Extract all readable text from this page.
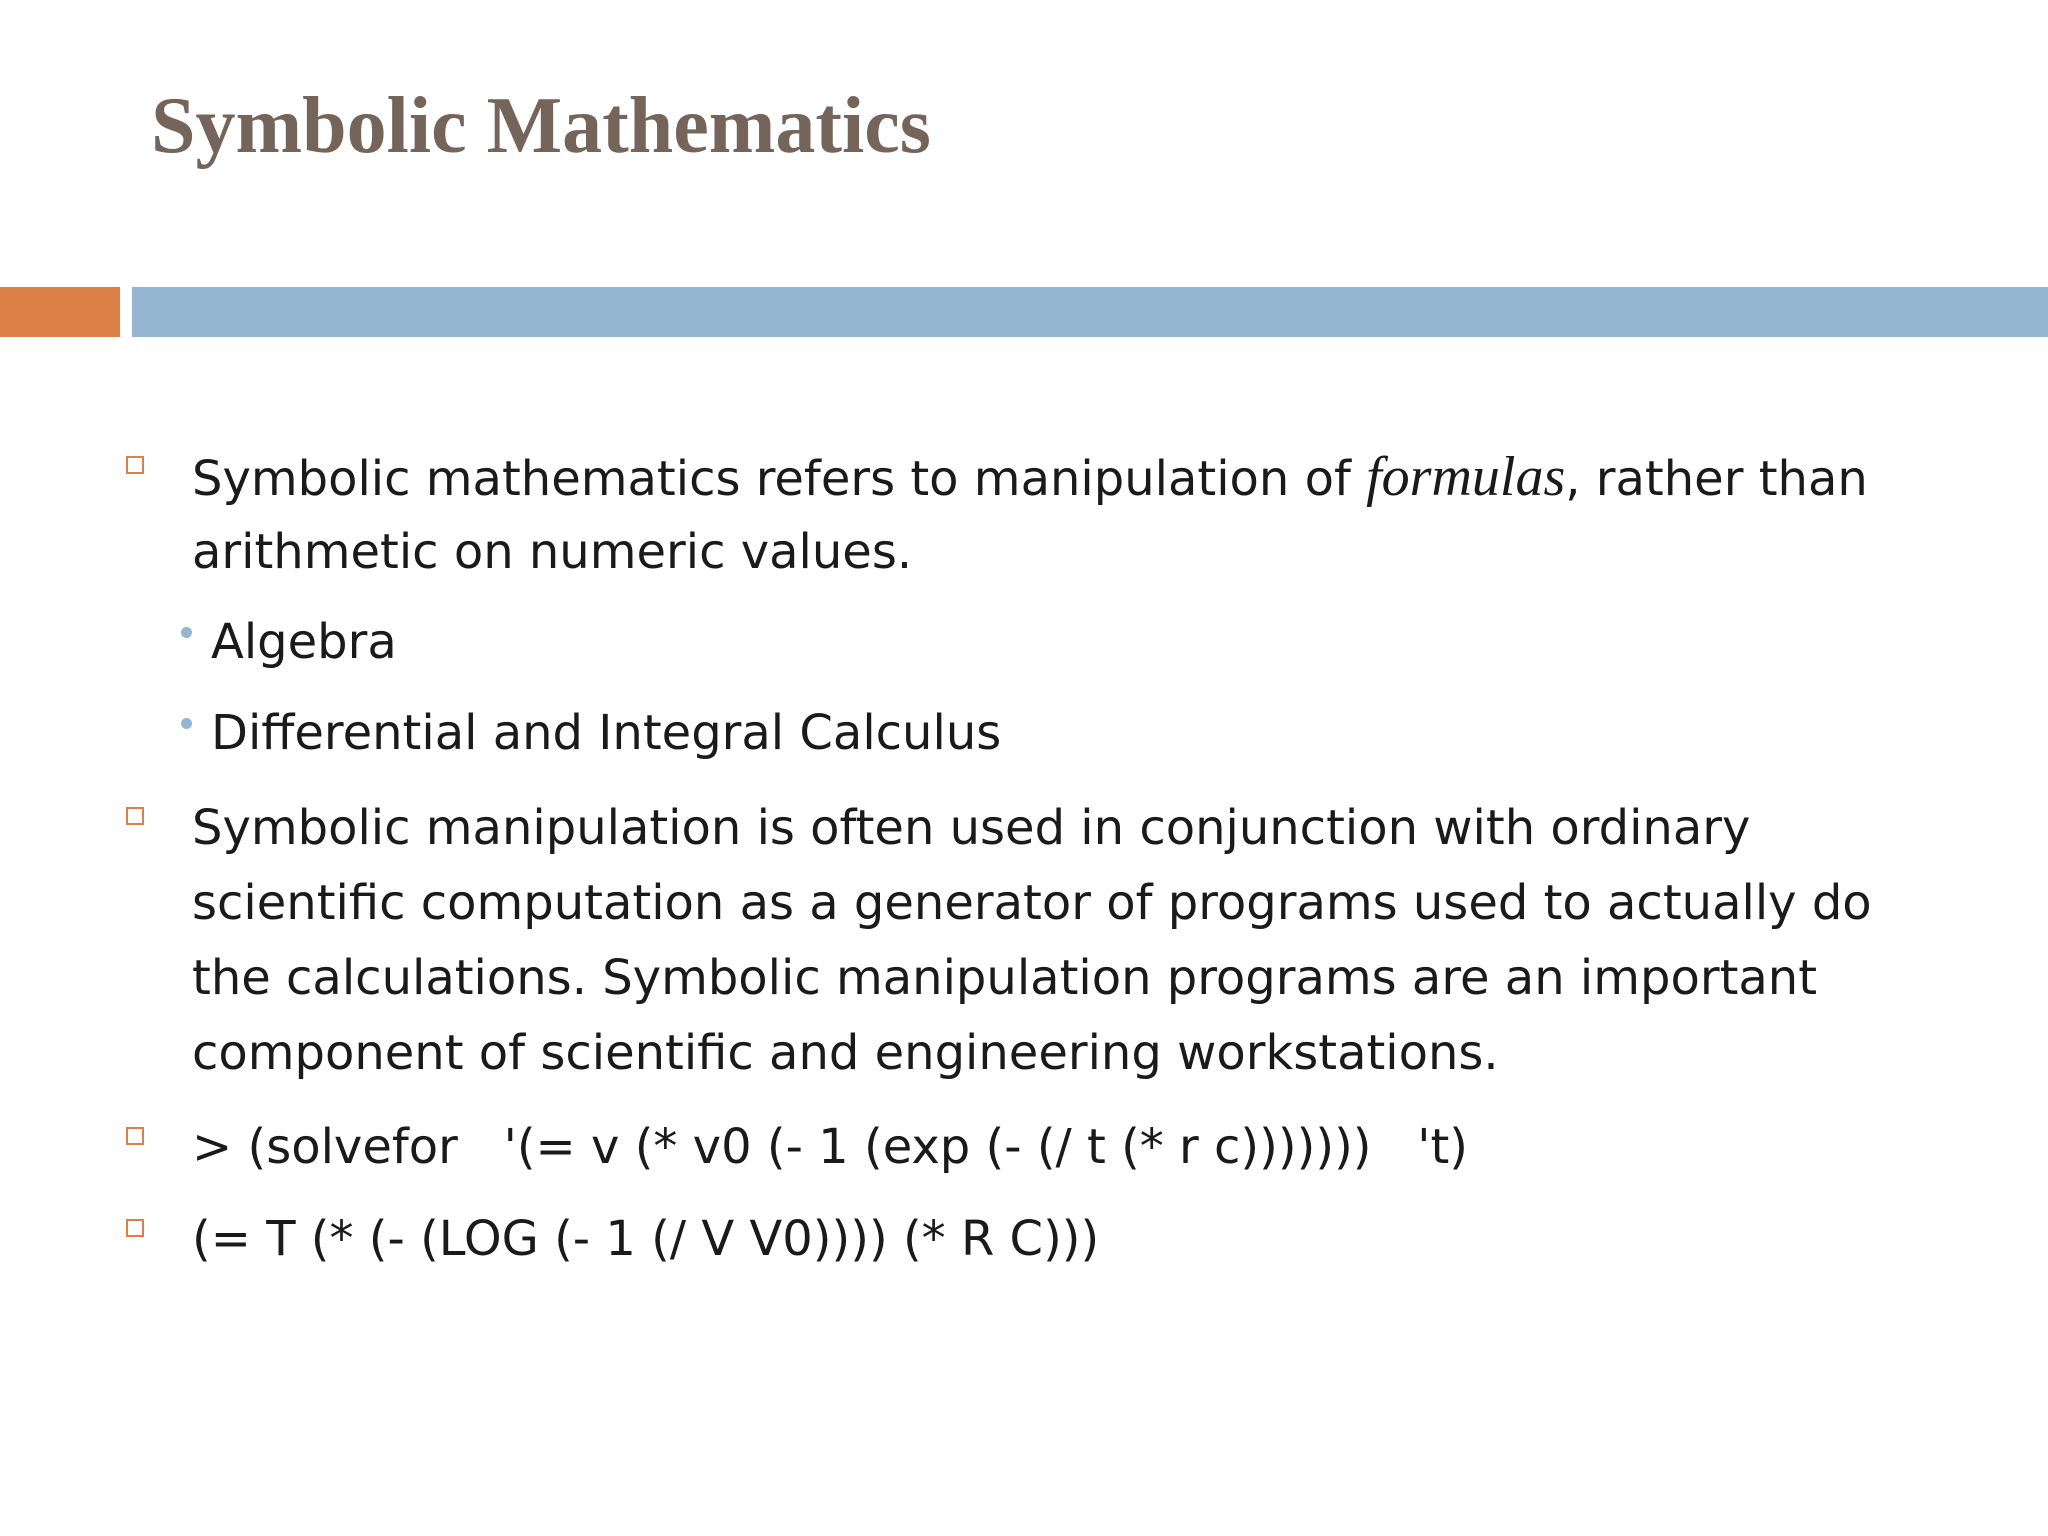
Symbolic Mathematics
Symbolic mathematics refers to manipulation of formulas, rather than
arithmetic on numeric values.
Algebra
Differential and Integral Calculus
Symbolic manipulation is often used in conjunction with ordinary
scientific computation as a generator of programs used to actually do
the calculations. Symbolic manipulation programs are an important
component of scientific and engineering workstations.
> (solvefor   '(= v (* v0 (- 1 (exp (- (/ t (* r c)))))))   't)
(= T (* (- (LOG (- 1 (/ V V0)))) (* R C)))
